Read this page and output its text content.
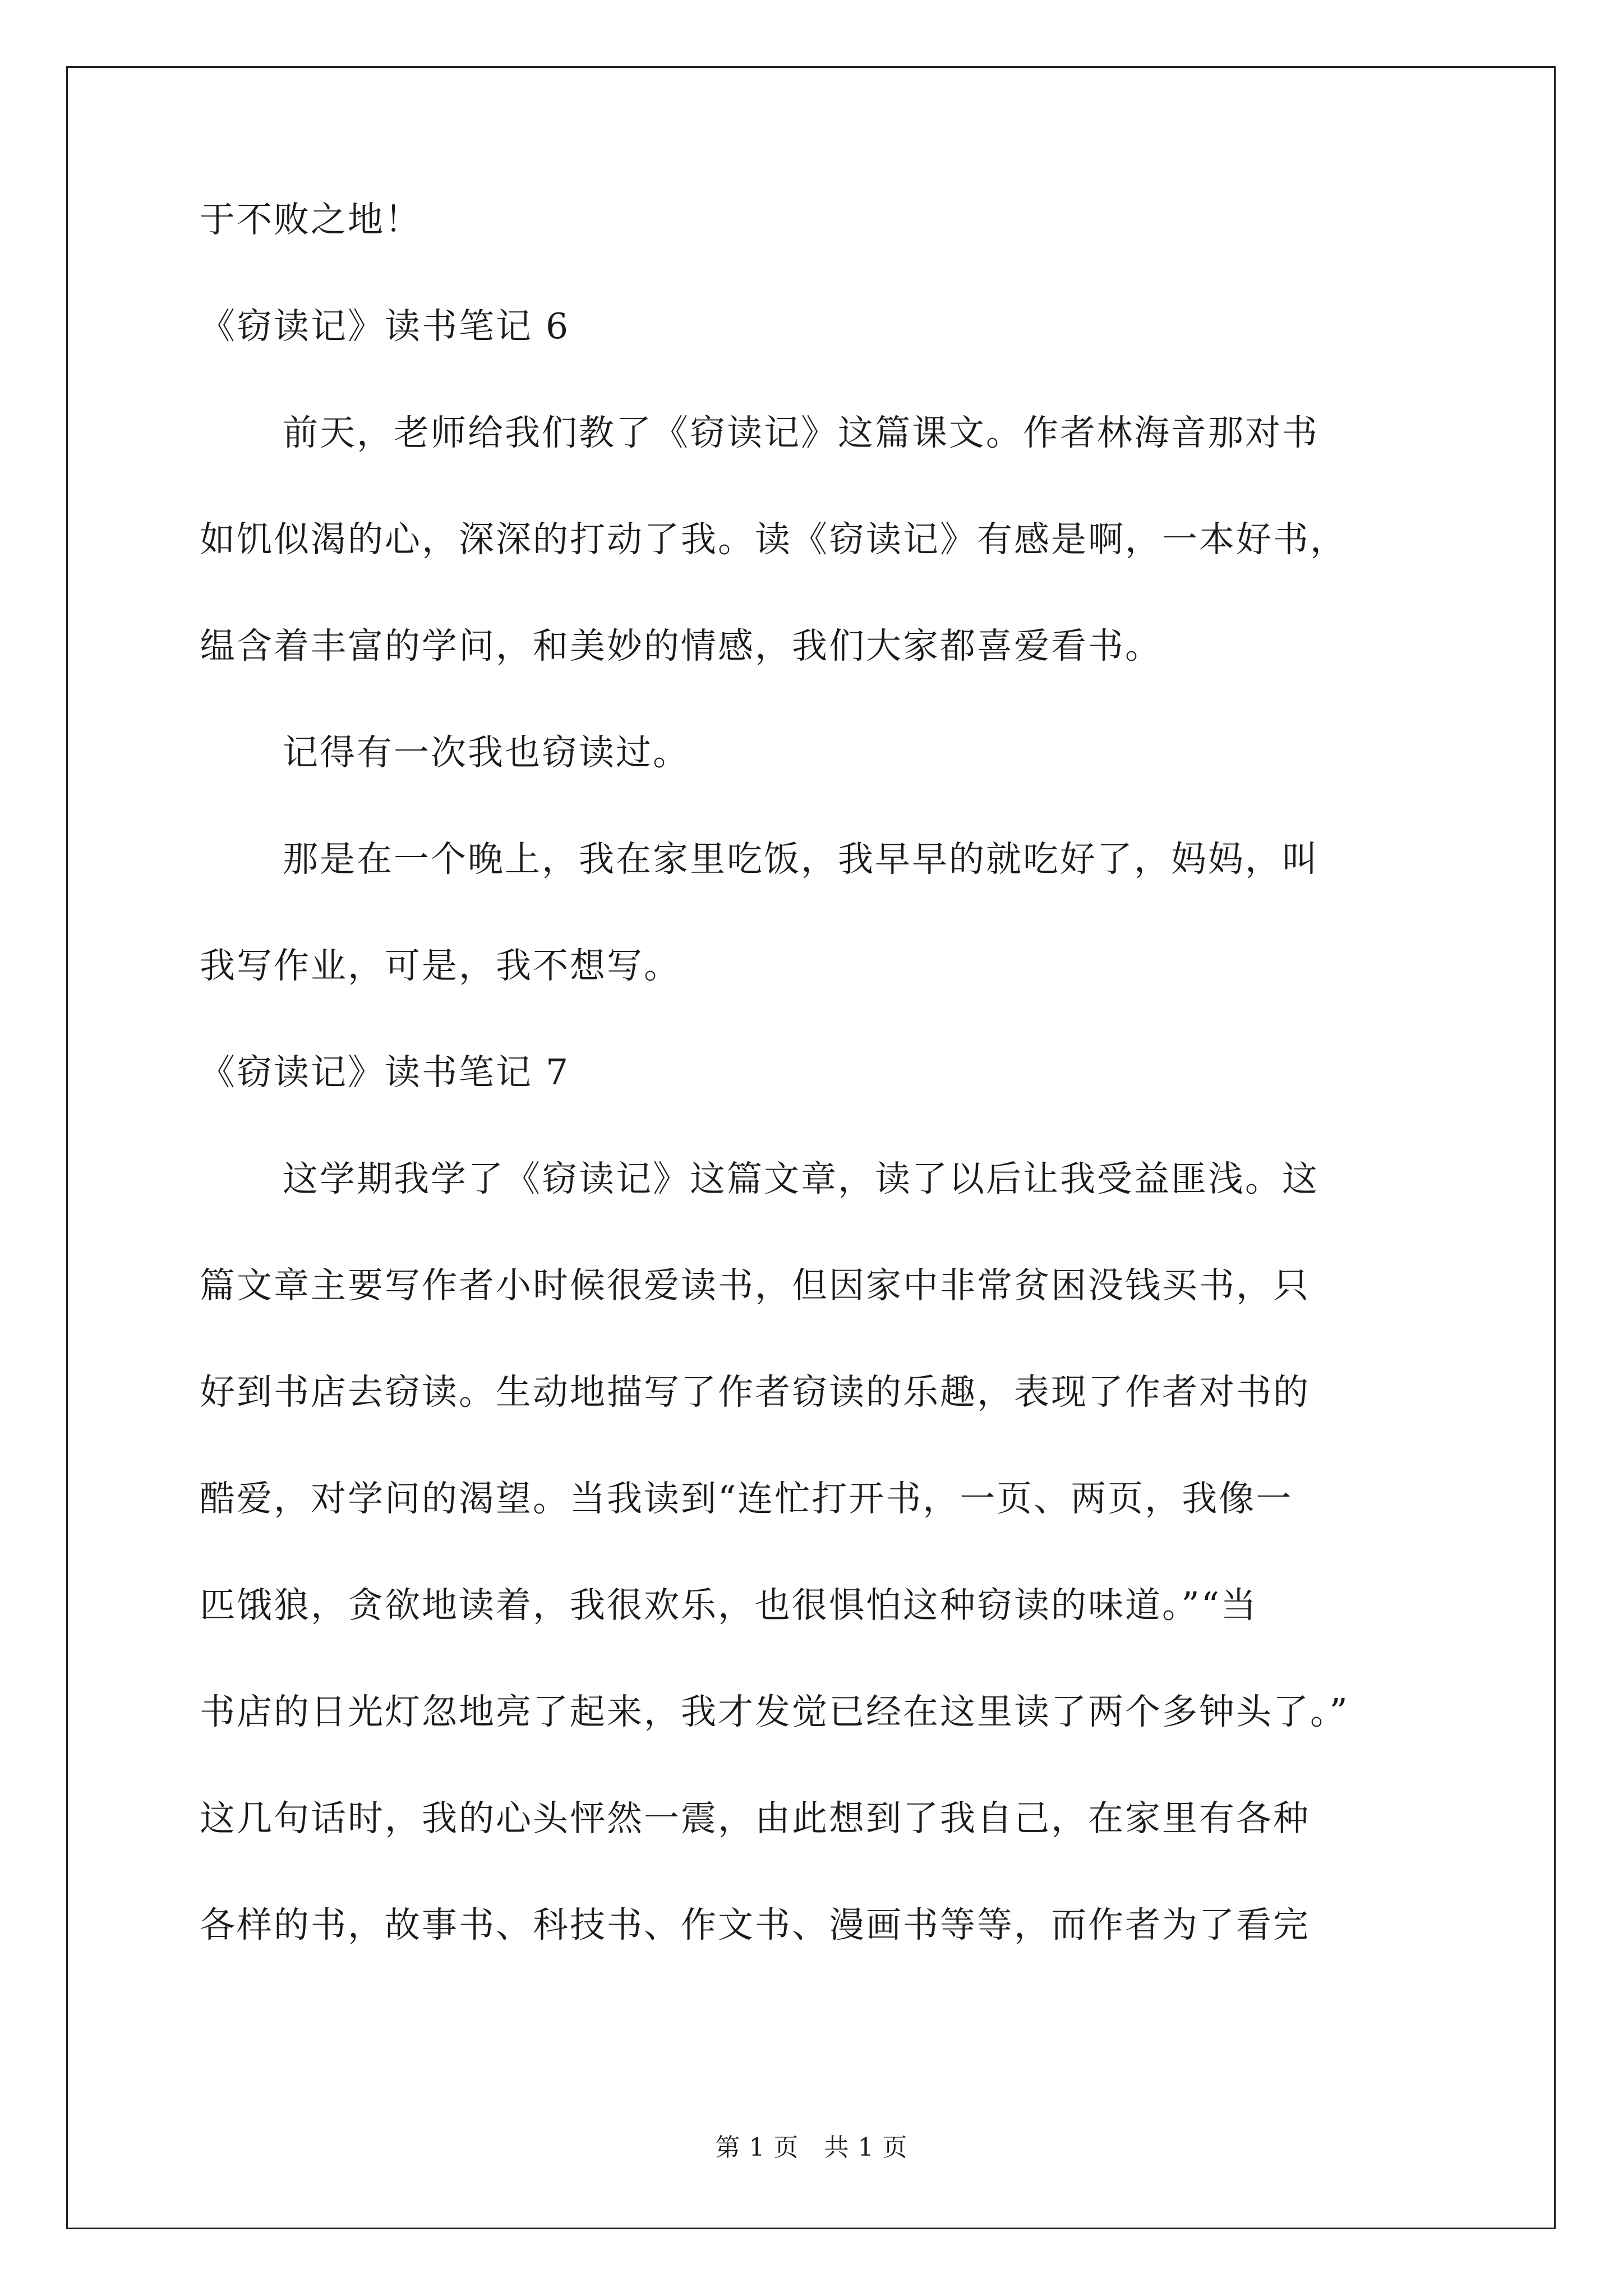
于不败之地！
《窃读记》读书笔记 6
前天，老师给我们教了《窃读记》这篇课文。作者林海音那对书
如饥似渴的心，深深的打动了我。读《窃读记》有感是啊，一本好书，
缊含着丰富的学问，和美妙的情感，我们大家都喜爱看书。
记得有一次我也窃读过。
那是在一个晚上，我在家里吃饭，我早早的就吃好了，妈妈，叫
我写作业，可是，我不想写。
《窃读记》读书笔记 7
这学期我学了《窃读记》这篇文章，读了以后让我受益匪浅。这
篇文章主要写作者小时候很爱读书，但因家中非常贫困没钱买书，只
好到书店去窃读。生动地描写了作者窃读的乐趣，表现了作者对书的
酷爱，对学问的渴望。当我读到“连忙打开书，一页、两页，我像一
匹饿狼，贪欲地读着，我很欢乐，也很惧怕这种窃读的味道。”“当
书店的日光灯忽地亮了起来，我才发觉已经在这里读了两个多钟头了。”
这几句话时，我的心头怦然一震，由此想到了我自己，在家里有各种
各样的书，故事书、科技书、作文书、漫画书等等，而作者为了看完
第 1 页   共 1 页
